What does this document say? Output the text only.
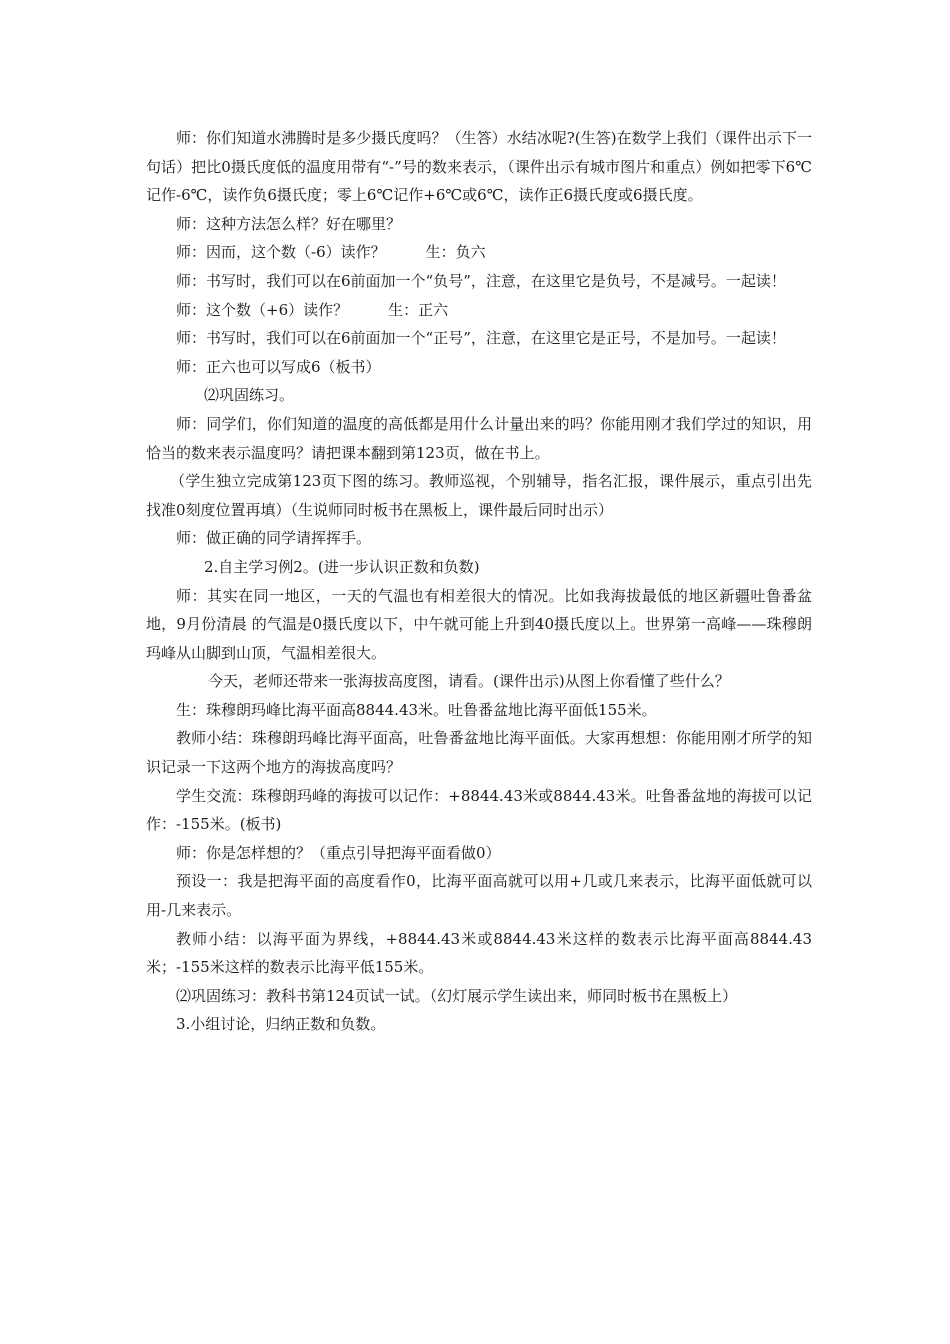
师：你们知道水沸腾时是多少摄氏度吗？（生答）水结冰呢?(生答)在数学上我们（课件出示下一句话）把比0摄氏度低的温度用带有“-”号的数来表示，（课件出示有城市图片和重点）例如把零下6℃记作-6℃，读作负6摄氏度；零上6℃记作+6℃或6℃，读作正6摄氏度或6摄氏度。

师：这种方法怎么样？好在哪里？

师：因而，这个数（-6）读作？	生：负六

师：书写时，我们可以在6前面加一个“负号”，注意，在这里它是负号，不是减号。一起读！

师：这个数（+6）读作？	生：正六

师：书写时，我们可以在6前面加一个“正号”，注意，在这里它是正号，不是加号。一起读！

师：正六也可以写成6（板书）

⑵巩固练习。

师：同学们，你们知道的温度的高低都是用什么计量出来的吗？你能用刚才我们学过的知识，用恰当的数来表示温度吗？请把课本翻到第123页，做在书上。

（学生独立完成第123页下图的练习。教师巡视，个别辅导，指名汇报，课件展示，重点引出先找准0刻度位置再填）（生说师同时板书在黑板上，课件最后同时出示）

师：做正确的同学请挥挥手。

2.自主学习例2。(进一步认识正数和负数)

师：其实在同一地区，一天的气温也有相差很大的情况。比如我海拔最低的地区新疆吐鲁番盆地，9月份清晨 的气温是0摄氏度以下，中午就可能上升到40摄氏度以上。世界第一高峰——珠穆朗玛峰从山脚到山顶，气温相差很大。

今天，老师还带来一张海拔高度图，请看。(课件出示)从图上你看懂了些什么？

生：珠穆朗玛峰比海平面高8844.43米。吐鲁番盆地比海平面低155米。

教师小结：珠穆朗玛峰比海平面高，吐鲁番盆地比海平面低。大家再想想：你能用刚才所学的知识记录一下这两个地方的海拔高度吗？

学生交流：珠穆朗玛峰的海拔可以记作：+8844.43米或8844.43米。吐鲁番盆地的海拔可以记作：-155米。(板书)

师：你是怎样想的？（重点引导把海平面看做0）

预设一：我是把海平面的高度看作0，比海平面高就可以用+几或几来表示，比海平面低就可以用-几来表示。

教师小结：以海平面为界线，+8844.43米或8844.43米这样的数表示比海平面高8844.43米；-155米这样的数表示比海平低155米。

⑵巩固练习：教科书第124页试一试。（幻灯展示学生读出来，师同时板书在黑板上）

3.小组讨论，归纳正数和负数。
